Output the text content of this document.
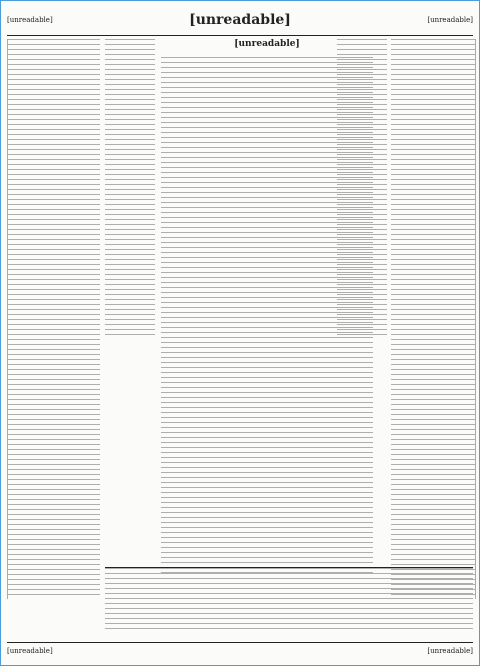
[unreadable]
[unreadable]
[unreadable]
[unreadable]
[unreadable]
[unreadable]
